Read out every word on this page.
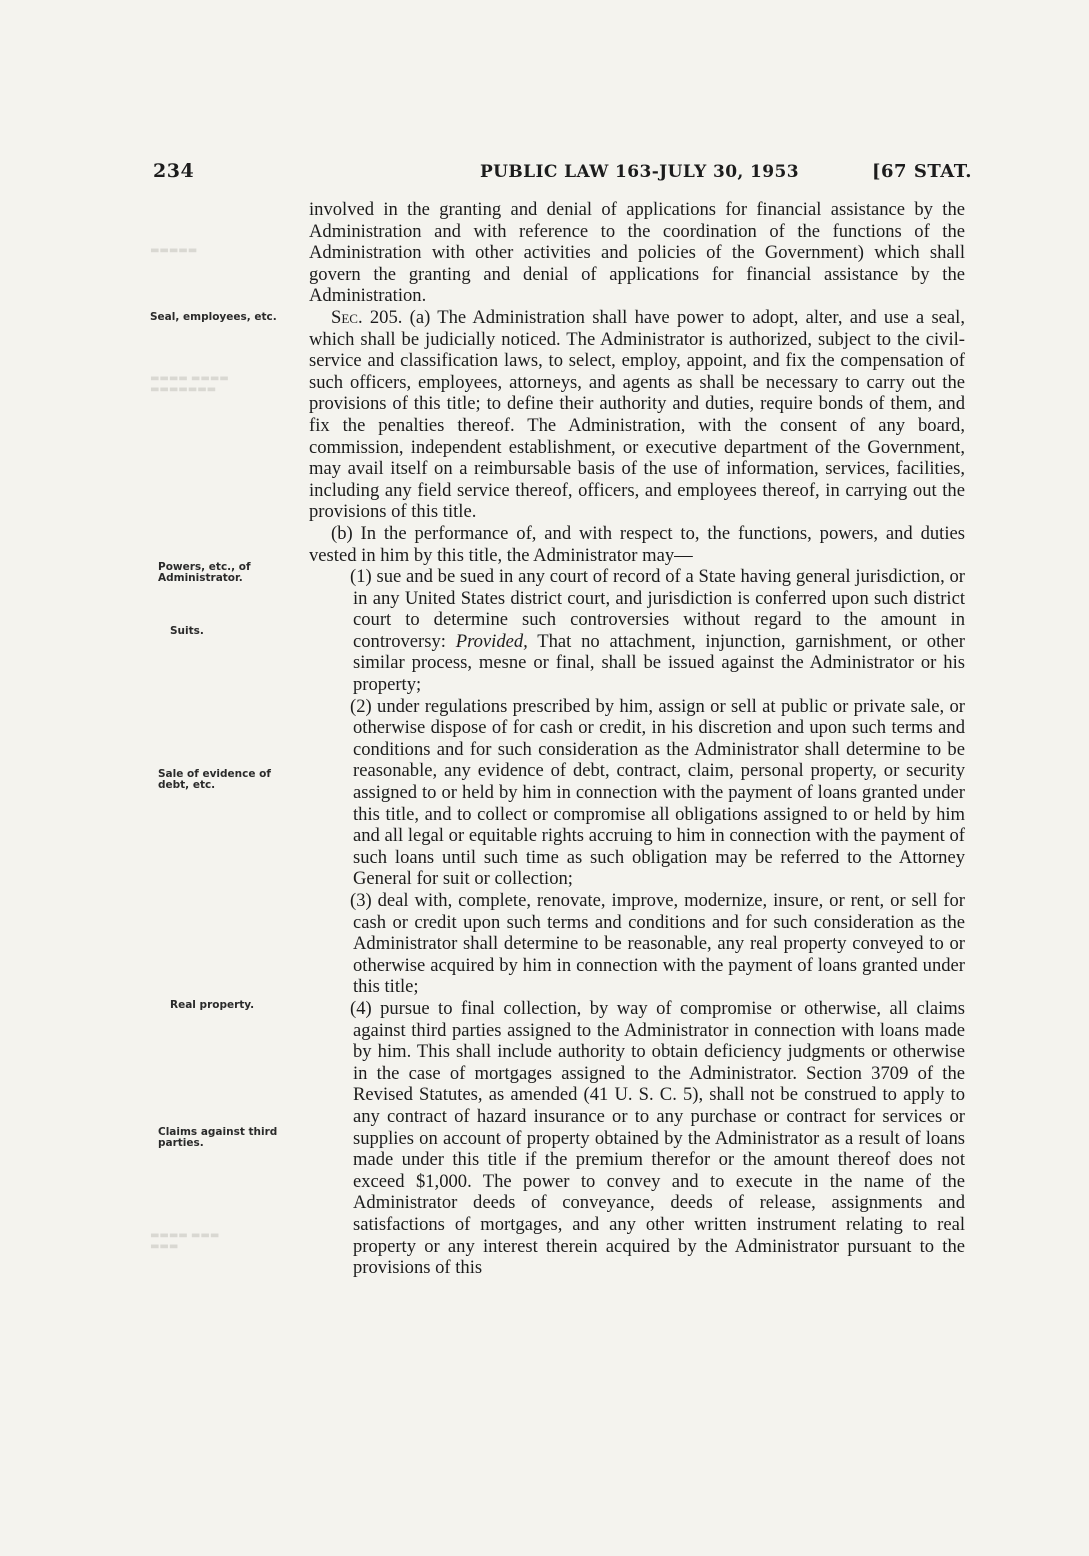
234	PUBLIC LAW 163-JULY 30, 1953	[67 STAT.
▬▬▬▬▬
▬▬▬▬ ▬▬▬▬
▬▬▬▬▬▬▬
▬▬▬ ▬▬▬▬
▬▬▬
Seal, employees, etc.
Powers, etc., of Administrator.
Suits.
Sale of evidence of debt, etc.
Real property.
Claims against third parties.

involved in the granting and denial of applications for financial assistance by the Administration and with reference to the coordination of the functions of the Administration with other activities and policies of the Government) which shall govern the granting and denial of applications for financial assistance by the Administration.

Sec. 205. (a) The Administration shall have power to adopt, alter, and use a seal, which shall be judicially noticed. The Administrator is authorized, subject to the civil-service and classification laws, to select, employ, appoint, and fix the compensation of such officers, employees, attorneys, and agents as shall be necessary to carry out the provisions of this title; to define their authority and duties, require bonds of them, and fix the penalties thereof. The Administration, with the consent of any board, commission, independent establishment, or executive department of the Government, may avail itself on a reimbursable basis of the use of information, services, facilities, including any field service thereof, officers, and employees thereof, in carrying out the provisions of this title.

(b) In the performance of, and with respect to, the functions, powers, and duties vested in him by this title, the Administrator may—

(1) sue and be sued in any court of record of a State having general jurisdiction, or in any United States district court, and jurisdiction is conferred upon such district court to determine such controversies without regard to the amount in controversy: Provided, That no attachment, injunction, garnishment, or other similar process, mesne or final, shall be issued against the Administrator or his property;

(2) under regulations prescribed by him, assign or sell at public or private sale, or otherwise dispose of for cash or credit, in his discretion and upon such terms and conditions and for such consideration as the Administrator shall determine to be reasonable, any evidence of debt, contract, claim, personal property, or security assigned to or held by him in connection with the payment of loans granted under this title, and to collect or compromise all obligations assigned to or held by him and all legal or equitable rights accruing to him in connection with the payment of such loans until such time as such obligation may be referred to the Attorney General for suit or collection;

(3) deal with, complete, renovate, improve, modernize, insure, or rent, or sell for cash or credit upon such terms and conditions and for such consideration as the Administrator shall determine to be reasonable, any real property conveyed to or otherwise acquired by him in connection with the payment of loans granted under this title;

(4) pursue to final collection, by way of compromise or otherwise, all claims against third parties assigned to the Administrator in connection with loans made by him. This shall include authority to obtain deficiency judgments or otherwise in the case of mortgages assigned to the Administrator. Section 3709 of the Revised Statutes, as amended (41 U. S. C. 5), shall not be construed to apply to any contract of hazard insurance or to any purchase or contract for services or supplies on account of property obtained by the Administrator as a result of loans made under this title if the premium therefor or the amount thereof does not exceed $1,000. The power to convey and to execute in the name of the Administrator deeds of conveyance, deeds of release, assignments and satisfactions of mortgages, and any other written instrument relating to real property or any interest therein acquired by the Administrator pursuant to the provisions of this
